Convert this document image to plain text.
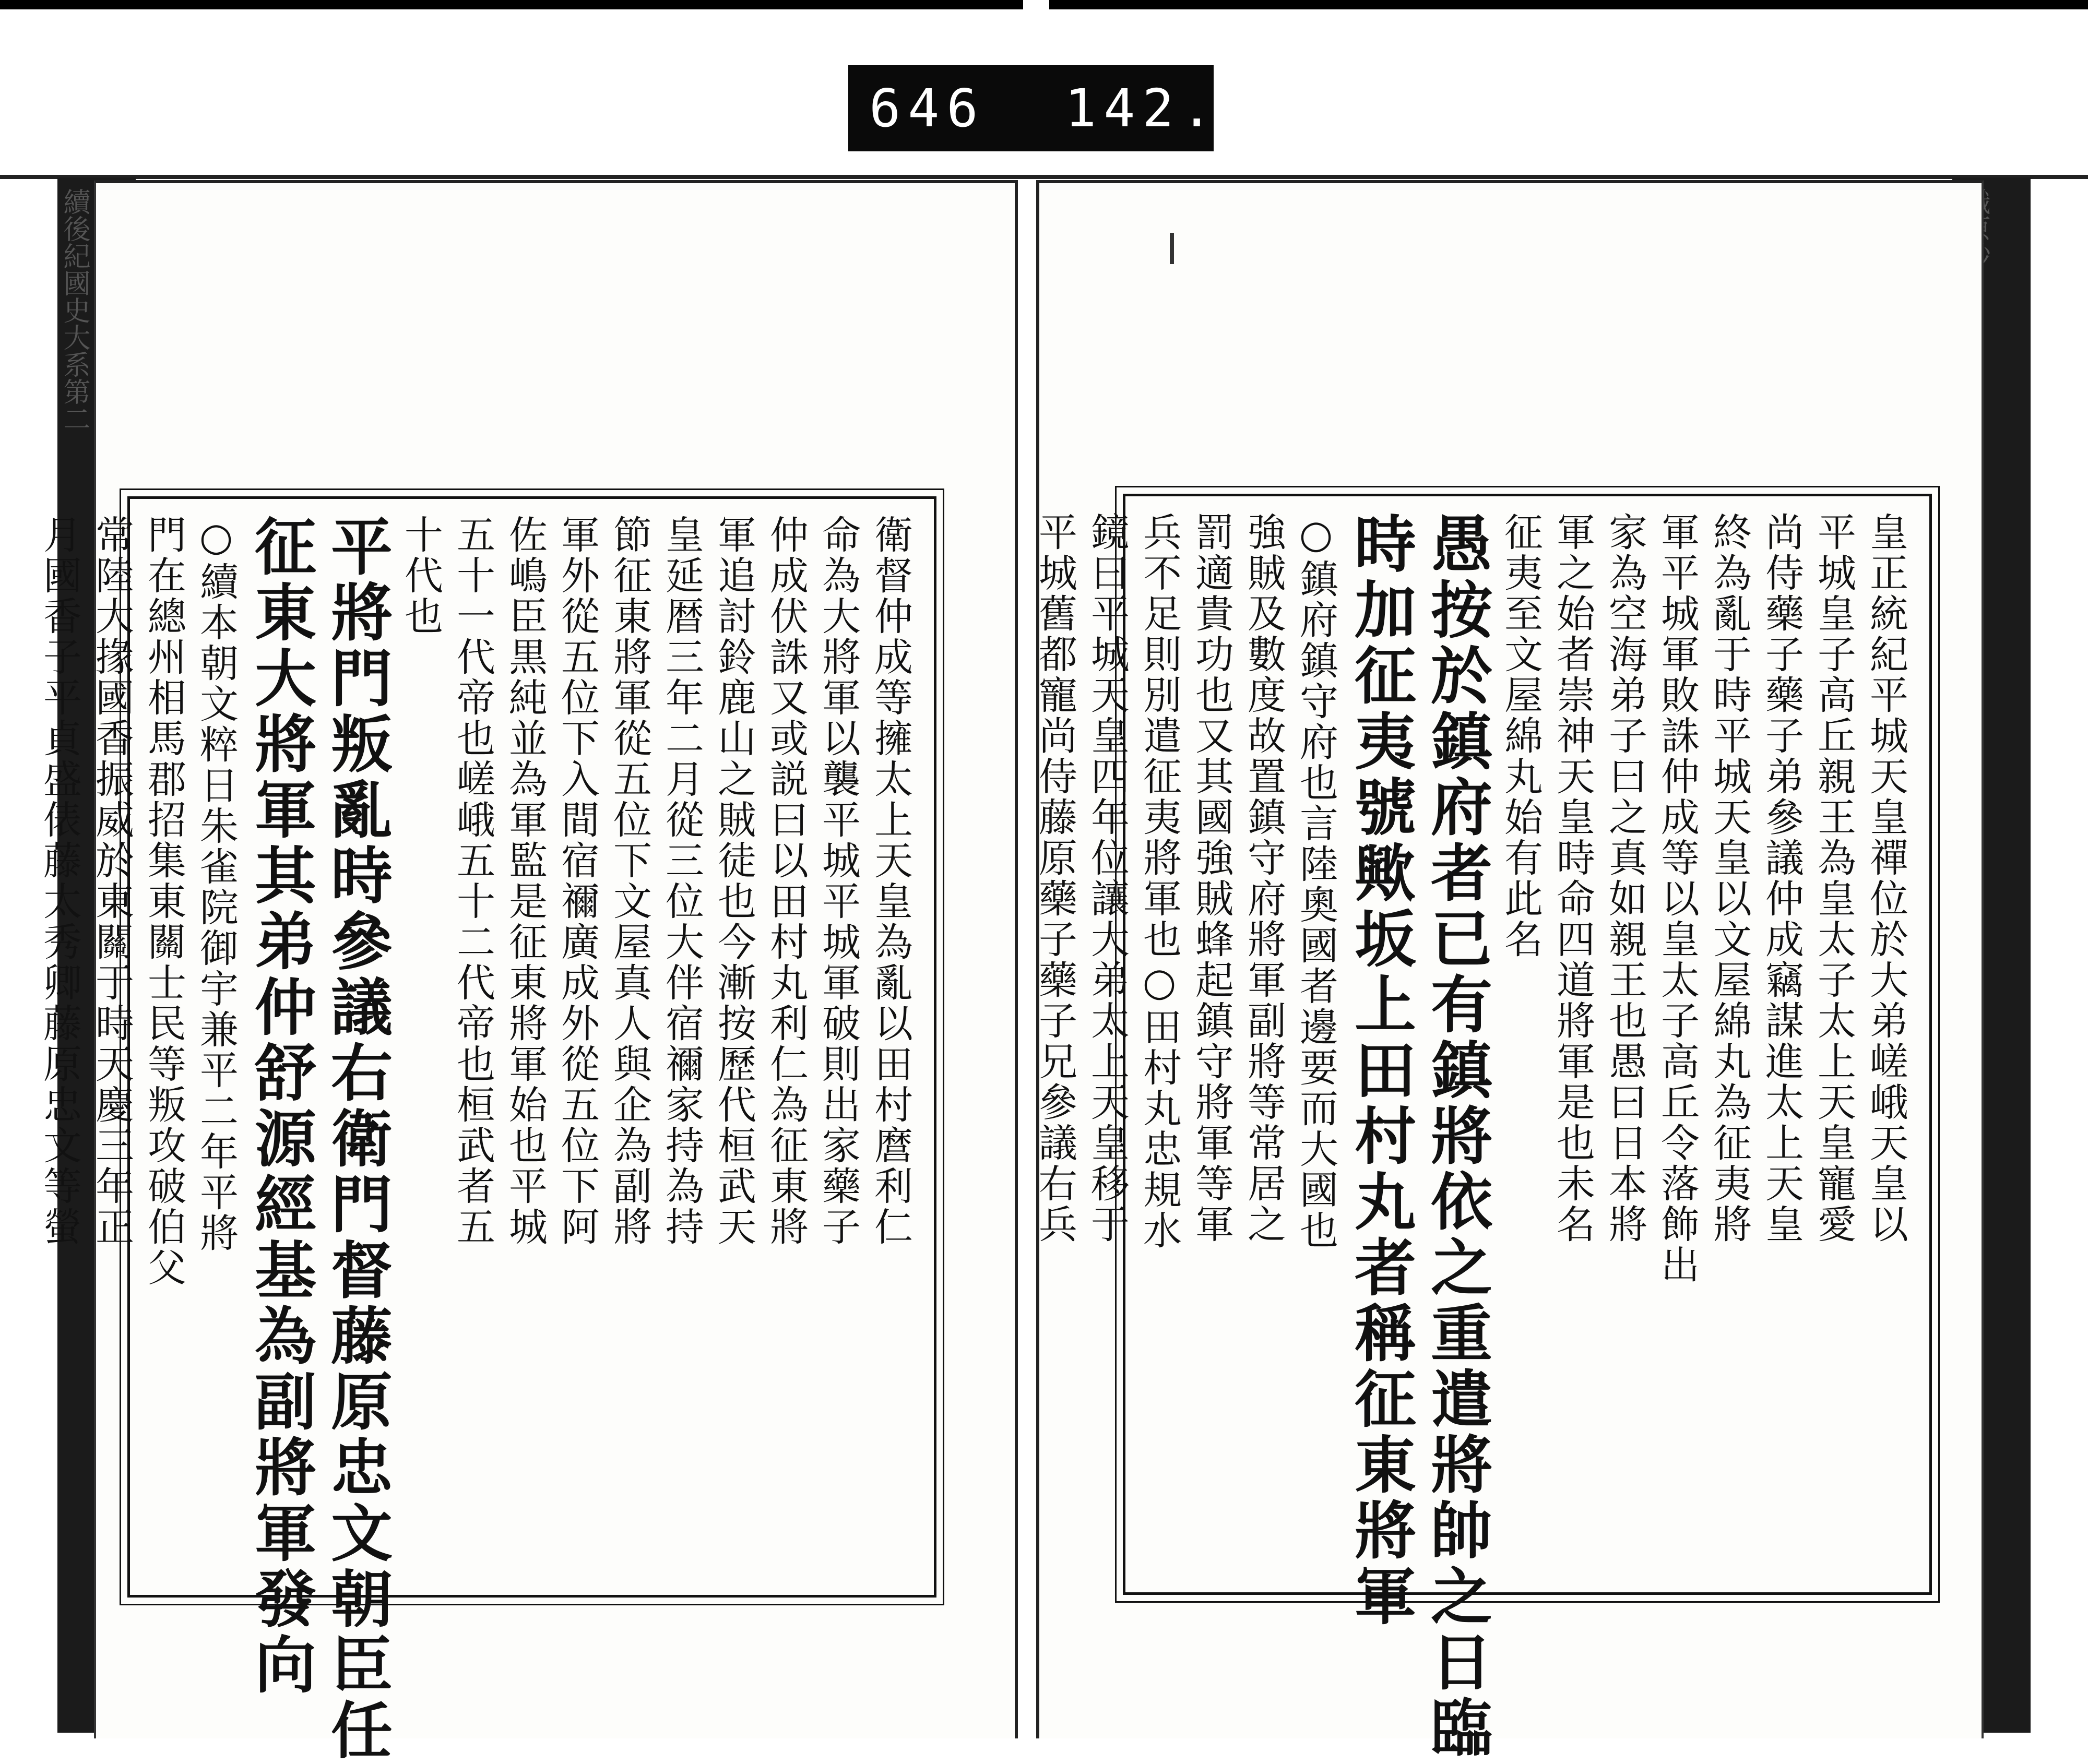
646 142.
續後紀國史大系第二
衛督仲成等擁太上天皇為亂以田村麿利仁
命為大將軍以襲平城平城軍破則出家藥子
仲成伏誅又或説曰以田村丸利仁為征東將
軍追討鈴鹿山之賊徒也今漸按歷代桓武天
皇延暦三年二月從三位大伴宿禰家持為持
節征東將軍從五位下文屋真人與企為副將
軍外從五位下入間宿禰廣成外從五位下阿
佐嶋臣黒純並為軍監是征東將軍始也平城
五十一代帝也嵯峨五十二代帝也桓武者五
十代也
平將門叛亂時參議右衛門督藤原忠文朝臣任
征東大將軍其弟仲舒源經基為副將軍發向
○續本朝文粹日朱雀院御宇兼平二年平將
門在總州相馬郡招集東關士民等叛攻破伯父
常陸大掾國香振威於東關于時天慶三年正
月國香子平貞盛俵藤太秀卿藤原忠文等螢	皇正統紀平城天皇禪位於大弟嵯峨天皇以
平城皇子高丘親王為皇太子太上天皇寵愛
尚侍藥子藥子弟參議仲成竊謀進太上天皇
終為亂于時平城天皇以文屋綿丸為征夷將
軍平城軍敗誅仲成等以皇太子高丘令落飾出
家為空海弟子曰之真如親王也愚曰日本將
軍之始者崇神天皇時命四道將軍是也未名
征夷至文屋綿丸始有此名
愚按於鎮府者已有鎮將依之重遣將帥之日臨
時加征夷號歟坂上田村丸者稱征東將軍
○鎮府鎮守府也言陸奧國者邊要而大國也
強賊及數度故置鎮守府將軍副將等常居之
罰適貴功也又其國強賊蜂起鎮守將軍等軍
兵不足則別遣征夷將軍也○田村丸忠規水
鏡曰平城天皇四年位讓大弟太上天皇移于
平城舊都寵尚侍藤原藥子藥子兄參議右兵
